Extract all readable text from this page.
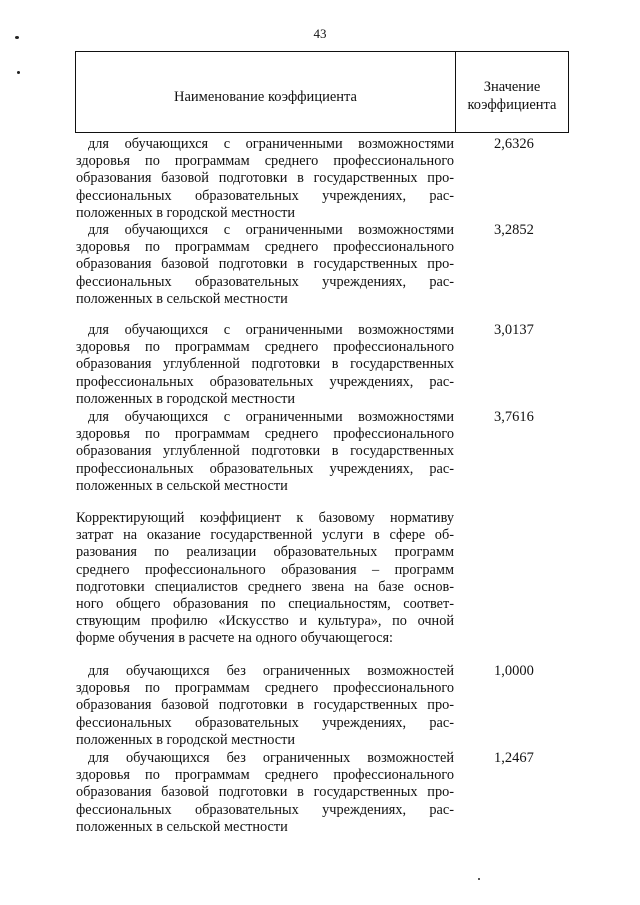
43
Наименование коэффициента
Значение
коэффициента
для обучающихся с ограниченными возможностями
здоровья по программам среднего профессионального
образования базовой подготовки в государственных про-
фессиональных образовательных учреждениях, рас-
положенных в городской местности
2,6326
для обучающихся с ограниченными возможностями
здоровья по программам среднего профессионального
образования базовой подготовки в государственных про-
фессиональных образовательных учреждениях, рас-
положенных в сельской местности
3,2852
для обучающихся с ограниченными возможностями
здоровья по программам среднего профессионального
образования углубленной подготовки в государственных
профессиональных образовательных учреждениях, рас-
положенных в городской местности
3,0137
для обучающихся с ограниченными возможностями
здоровья по программам среднего профессионального
образования углубленной подготовки в государственных
профессиональных образовательных учреждениях, рас-
положенных в сельской местности
3,7616
Корректирующий коэффициент к базовому нормативу
затрат на оказание государственной услуги в сфере об-
разования по реализации образовательных программ
среднего профессионального образования – программ
подготовки специалистов среднего звена на базе основ-
ного общего образования по специальностям, соответ-
ствующим профилю «Искусство и культура», по очной
форме обучения в расчете на одного обучающегося:
для обучающихся без ограниченных возможностей
здоровья по программам среднего профессионального
образования базовой подготовки в государственных про-
фессиональных образовательных учреждениях, рас-
положенных в городской местности
1,0000
для обучающихся без ограниченных возможностей
здоровья по программам среднего профессионального
образования базовой подготовки в государственных про-
фессиональных образовательных учреждениях, рас-
положенных в сельской местности
1,2467
